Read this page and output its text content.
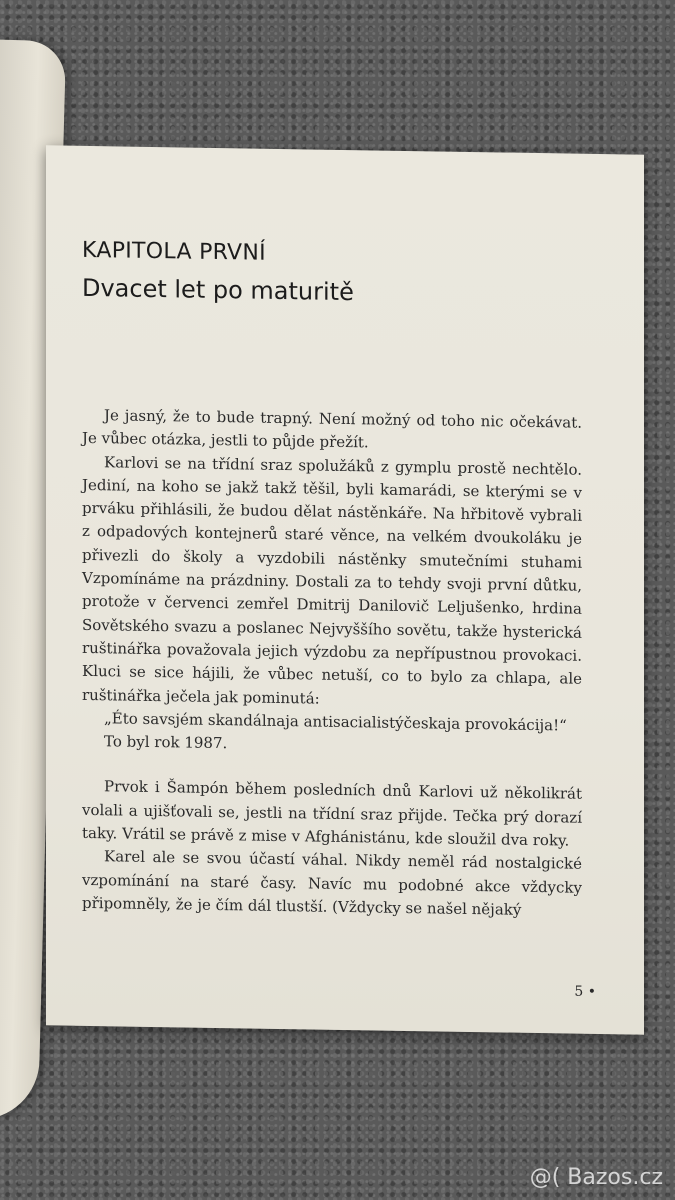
KAPITOLA PRVNÍ
Dvacet let po maturitě

Je jasný, že to bude trapný. Není možný od toho nic očekávat. Je vůbec otázka, jestli to půjde přežít.

Karlovi se na třídní sraz spolužáků z gymplu prostě nechtělo. Jediní, na koho se jakž takž těšil, byli kamarádi, se kterými se v prváku přihlásili, že budou dělat nástěnkáře. Na hřbitově vybrali z odpadových kontejnerů staré věnce, na velkém dvoukoláku je přivezli do školy a vyzdobili nástěnky smutečními stuhami Vzpomínáme na prázdniny. Dostali za to tehdy svoji první důtku, protože v červenci zemřel Dmitrij Danilovič Leljušenko, hrdina Sovětského svazu a poslanec Nejvyššího sovětu, takže hysterická ruštinářka považovala jejich výzdobu za nepřípustnou provokaci. Kluci se sice hájili, že vůbec netuší, co to bylo za chlapa, ale ruštinářka ječela jak pominutá:

„Éto savsjém skandálnaja antisacialistýčeskaja provokácija!“

To byl rok 1987.

Prvok i Šampón během posledních dnů Karlovi už několikrát volali a ujišťovali se, jestli na třídní sraz přijde. Tečka prý dorazí taky. Vrátil se právě z mise v Afghánistánu, kde sloužil dva roky.

Karel ale se svou účastí váhal. Nikdy neměl rád nostalgické vzpomínání na staré časy. Navíc mu podobné akce vždycky připomněly, že je čím dál tlustší. (Vždycky se našel nějaký

5 •
@( Bazos.cz
